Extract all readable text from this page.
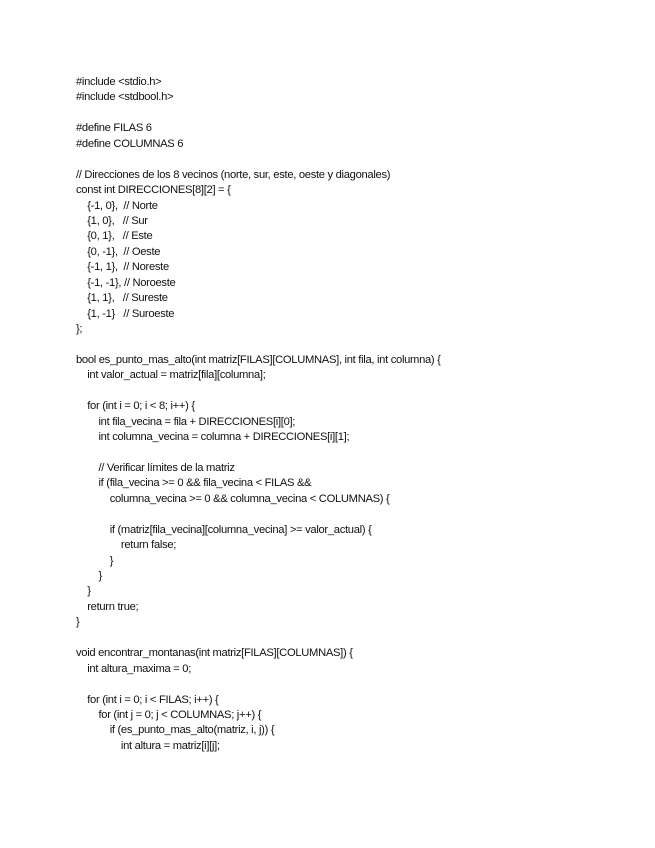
#include <stdio.h>
#include <stdbool.h>
#define FILAS 6
#define COLUMNAS 6
// Direcciones de los 8 vecinos (norte, sur, este, oeste y diagonales)
const int DIRECCIONES[8][2] = {
{-1, 0},  // Norte
{1, 0},   // Sur
{0, 1},   // Este
{0, -1},  // Oeste
{-1, 1},  // Noreste
{-1, -1}, // Noroeste
{1, 1},   // Sureste
{1, -1}   // Suroeste
};
bool es_punto_mas_alto(int matriz[FILAS][COLUMNAS], int fila, int columna) {
int valor_actual = matriz[fila][columna];
for (int i = 0; i < 8; i++) {
int fila_vecina = fila + DIRECCIONES[i][0];
int columna_vecina = columna + DIRECCIONES[i][1];
// Verificar límites de la matriz
if (fila_vecina >= 0 && fila_vecina < FILAS &&
columna_vecina >= 0 && columna_vecina < COLUMNAS) {
if (matriz[fila_vecina][columna_vecina] >= valor_actual) {
return false;
}
}
}
return true;
}
void encontrar_montanas(int matriz[FILAS][COLUMNAS]) {
int altura_maxima = 0;
for (int i = 0; i < FILAS; i++) {
for (int j = 0; j < COLUMNAS; j++) {
if (es_punto_mas_alto(matriz, i, j)) {
int altura = matriz[i][j];
